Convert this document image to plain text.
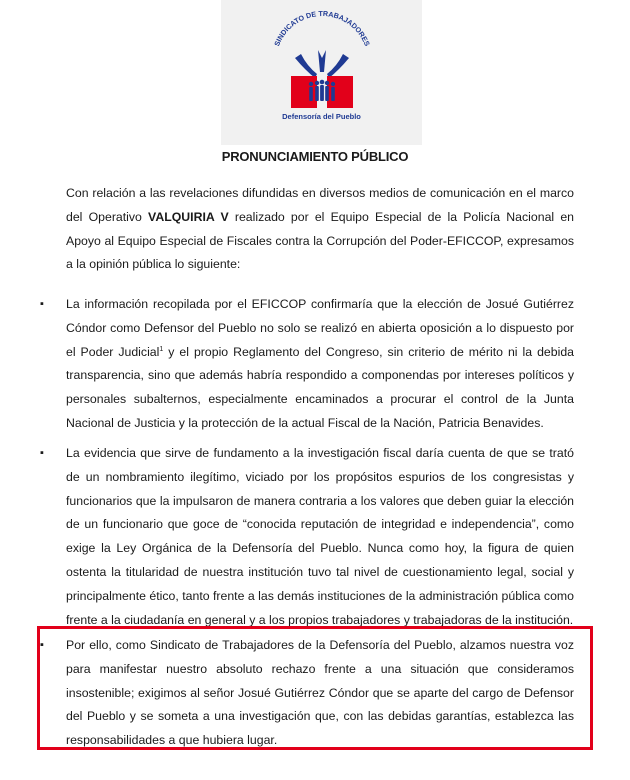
SINDICATO DE TRABAJADORES
Defensoría del Pueblo
PRONUNCIAMIENTO PÚBLICO
Con relación a las revelaciones difundidas en diversos medios de comunicación en el marco del Operativo VALQUIRIA V realizado por el Equipo Especial de la Policía Nacional en Apoyo al Equipo Especial de Fiscales contra la Corrupción del Poder-EFICCOP, expresamos a la opinión pública lo siguiente:
▪ La información recopilada por el EFICCOP confirmaría que la elección de Josué Gutiérrez Cóndor como Defensor del Pueblo no solo se realizó en abierta oposición a lo dispuesto por el Poder Judicial$^1$ y el propio Reglamento del Congreso, sin criterio de mérito ni la debida transparencia, sino que además habría respondido a componendas por intereses políticos y personales subalternos, especialmente encaminados a procurar el control de la Junta Nacional de Justicia y la protección de la actual Fiscal de la Nación, Patricia Benavides.
▪ La evidencia que sirve de fundamento a la investigación fiscal daría cuenta de que se trató de un nombramiento ilegítimo, viciado por los propósitos espurios de los congresistas y funcionarios que la impulsaron de manera contraria a los valores que deben guiar la elección de un funcionario que goce de “conocida reputación de integridad e independencia”, como exige la Ley Orgánica de la Defensoría del Pueblo. Nunca como hoy, la figura de quien ostenta la titularidad de nuestra institución tuvo tal nivel de cuestionamiento legal, social y principalmente ético, tanto frente a las demás instituciones de la administración pública como frente a la ciudadanía en general y a los propios trabajadores y trabajadoras de la institución.
▪ Por ello, como Sindicato de Trabajadores de la Defensoría del Pueblo, alzamos nuestra voz para manifestar nuestro absoluto rechazo frente a una situación que consideramos insostenible; exigimos al señor Josué Gutiérrez Cóndor que se aparte del cargo de Defensor del Pueblo y se someta a una investigación que, con las debidas garantías, establezca las responsabilidades a que hubiera lugar.
